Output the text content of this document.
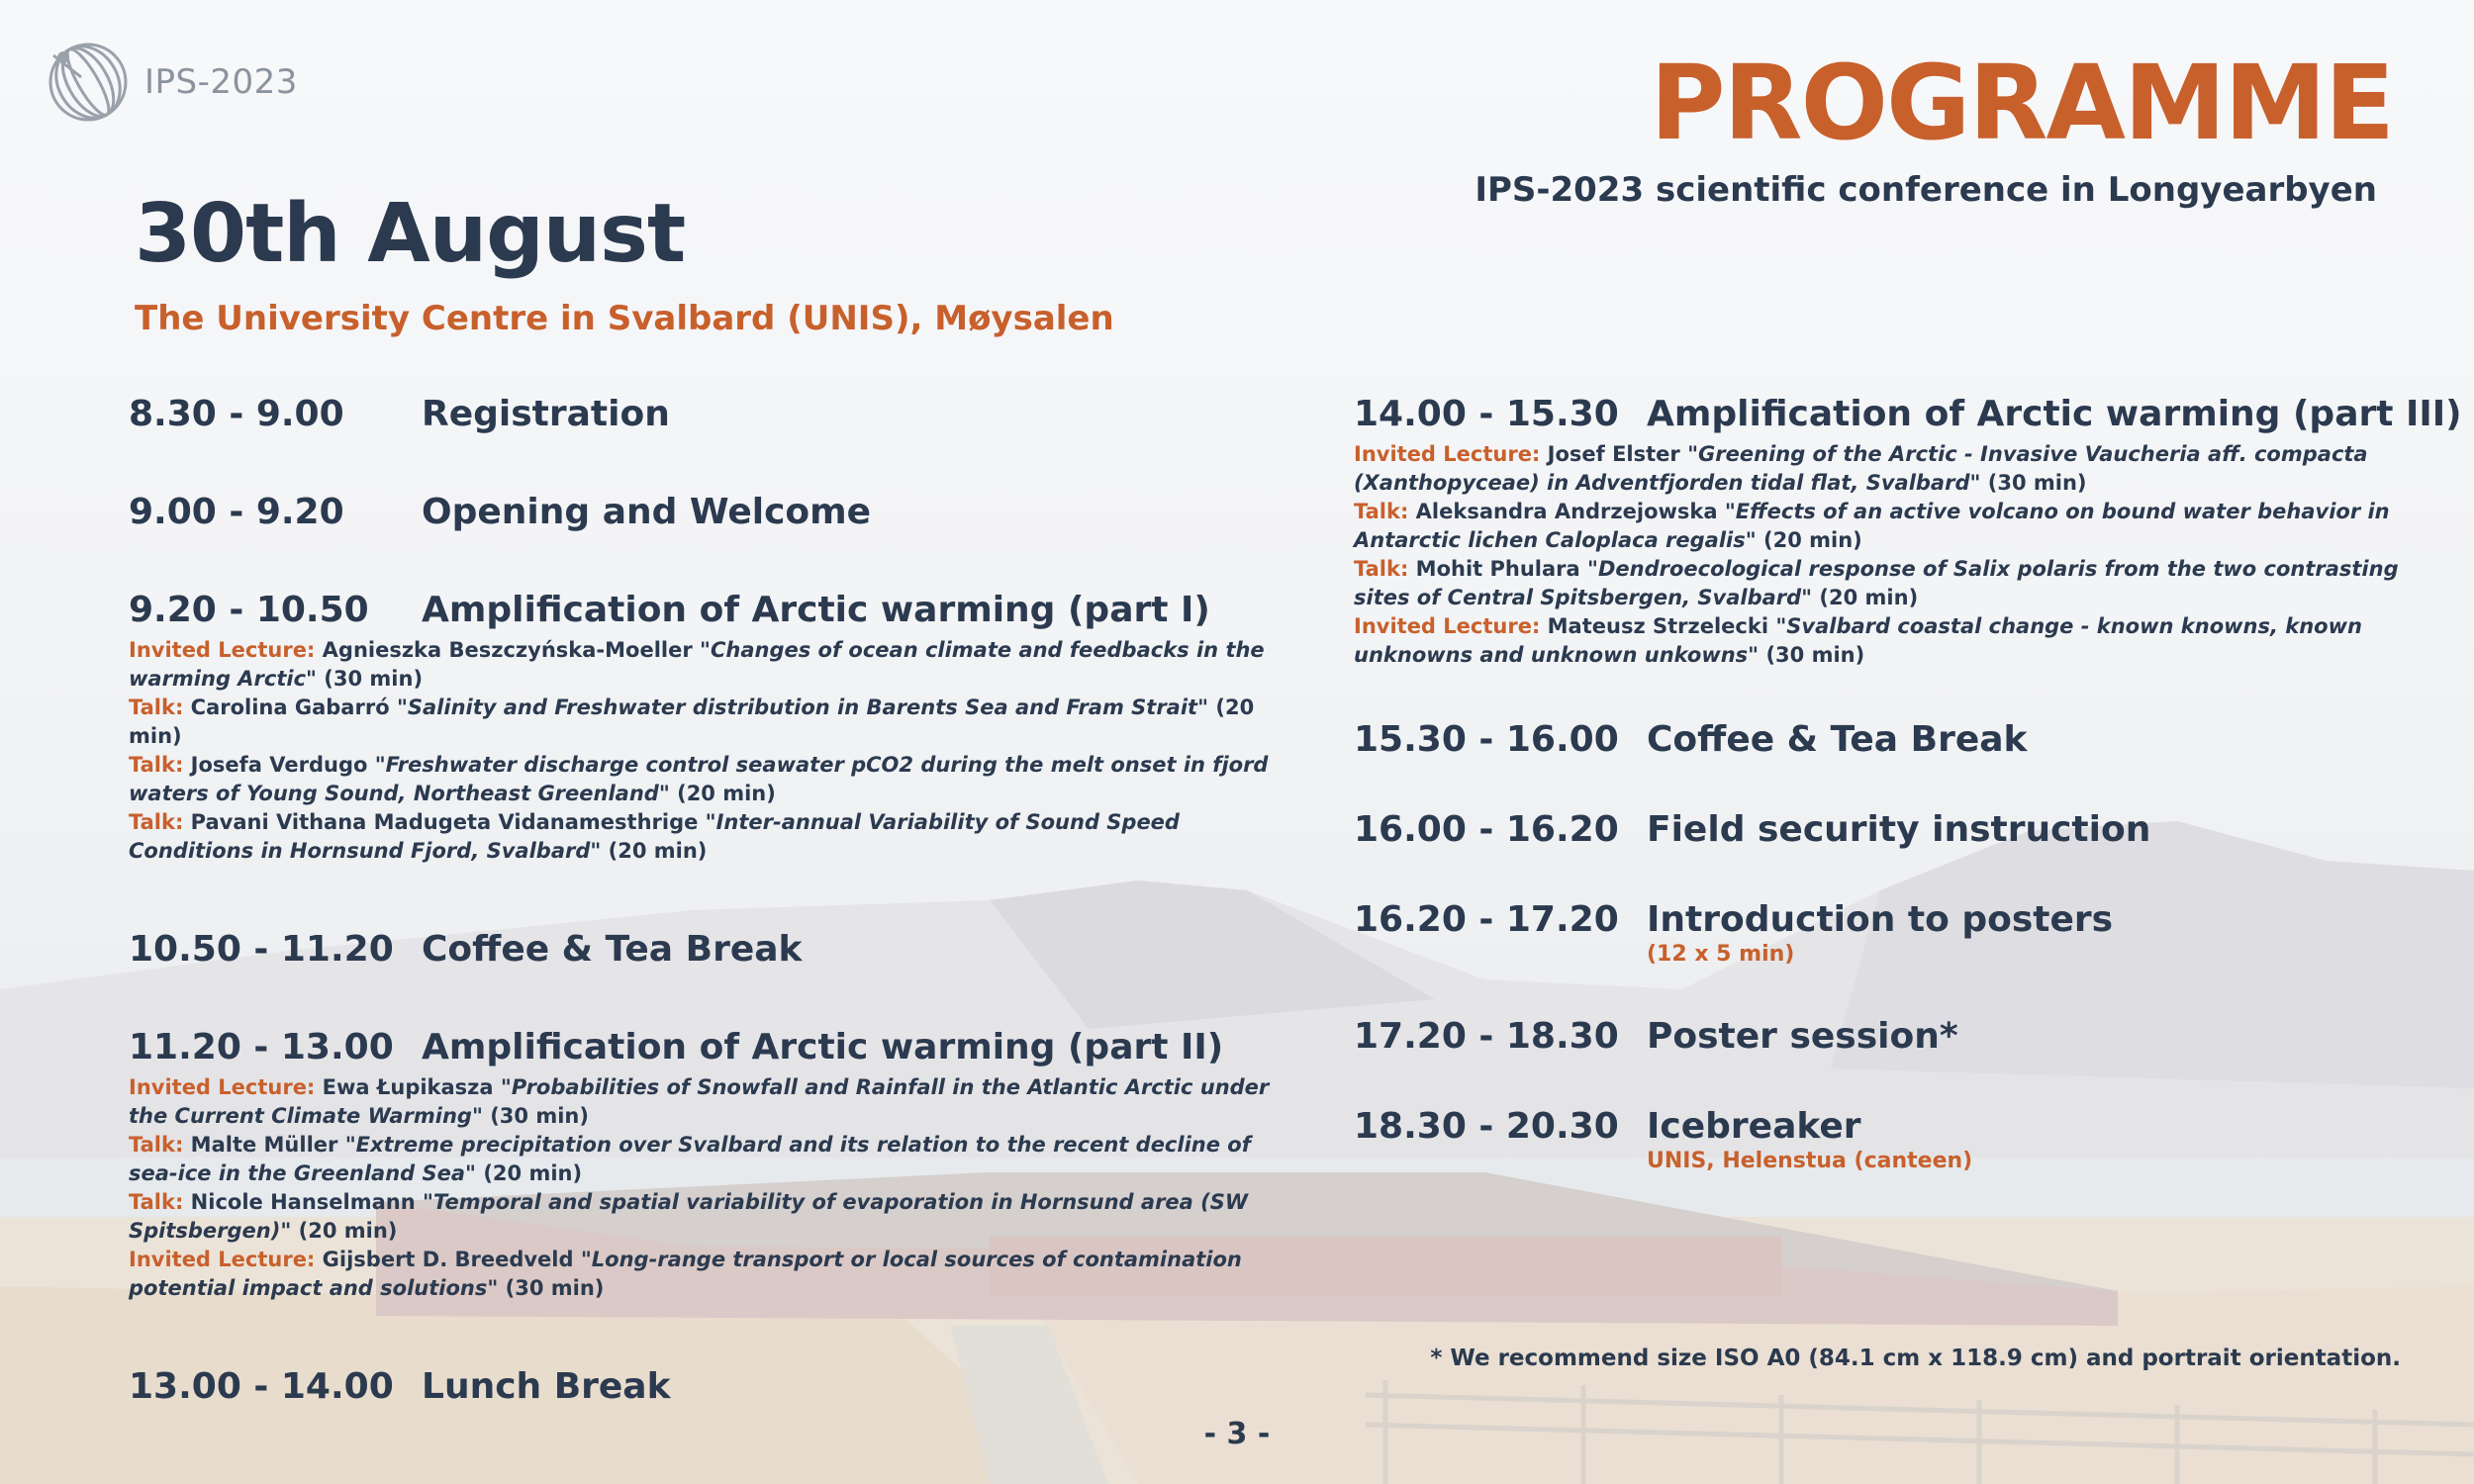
IPS-2023	PROGRAMME
IPS-2023 scientific conference in Longyearbyen
30th August
The University Centre in Svalbard (UNIS), Møysalen
8.30 - 9.00	Registration
9.00 - 9.20	Opening and Welcome
9.20 - 10.50	Amplification of Arctic warming (part I)
Invited Lecture: Agnieszka Beszczyńska-Moeller "Changes of ocean climate and feedbacks in the warming Arctic" (30 min)
Talk: Carolina Gabarró "Salinity and Freshwater distribution in Barents Sea and Fram Strait" (20 min)
Talk: Josefa Verdugo "Freshwater discharge control seawater pCO2 during the melt onset in fjord waters of Young Sound, Northeast Greenland" (20 min)
Talk: Pavani Vithana Madugeta Vidanamesthrige "Inter-annual Variability of Sound Speed Conditions in Hornsund Fjord, Svalbard" (20 min)
10.50 - 11.20 Coffee & Tea Break
11.20 - 13.00 Amplification of Arctic warming (part II)
Invited Lecture: Ewa Łupikasza "Probabilities of Snowfall and Rainfall in the Atlantic Arctic under the Current Climate Warming" (30 min)
Talk: Malte Müller "Extreme precipitation over Svalbard and its relation to the recent decline of sea-ice in the Greenland Sea" (20 min)
Talk: Nicole Hanselmann "Temporal and spatial variability of evaporation in Hornsund area (SW Spitsbergen)" (20 min)
Invited Lecture: Gijsbert D. Breedveld "Long-range transport or local sources of contamination potential impact and solutions" (30 min)
13.00 - 14.00 Lunch Break
14.00 - 15.30 Amplification of Arctic warming (part III)
Invited Lecture: Josef Elster "Greening of the Arctic - Invasive Vaucheria aff. compacta (Xanthopyceae) in Adventfjorden tidal flat, Svalbard" (30 min)
Talk: Aleksandra Andrzejowska "Effects of an active volcano on bound water behavior in Antarctic lichen Caloplaca regalis" (20 min)
Talk: Mohit Phulara "Dendroecological response of Salix polaris from the two contrasting sites of Central Spitsbergen, Svalbard" (20 min)
Invited Lecture: Mateusz Strzelecki "Svalbard coastal change - known knowns, known unknowns and unknown unkowns" (30 min)
15.30 - 16.00 Coffee & Tea Break
16.00 - 16.20 Field security instruction
16.20 - 17.20 Introduction to posters
(12 x 5 min)
17.20 - 18.30 Poster session*
18.30 - 20.30 Icebreaker
UNIS, Helenstua (canteen)
* We recommend size ISO A0 (84.1 cm x 118.9 cm) and portrait orientation.
- 3 -
